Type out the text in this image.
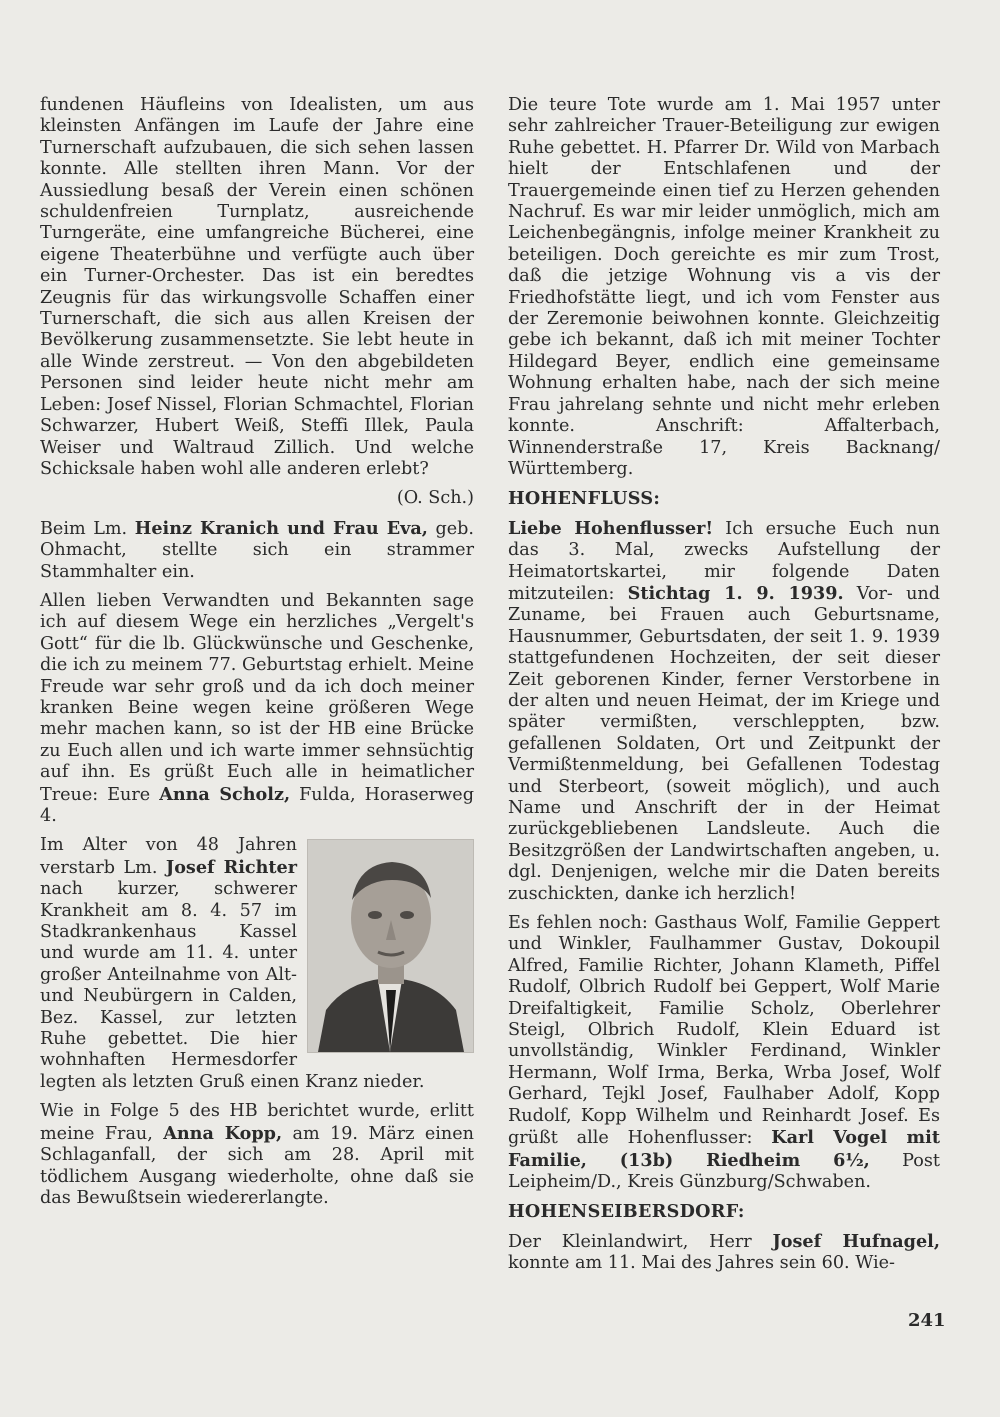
fundenen Häufleins von Idealisten, um aus kleinsten Anfängen im Laufe der Jahre eine Turnerschaft aufzubauen, die sich sehen lassen konnte. Alle stellten ihren Mann. Vor der Aussiedlung besaß der Verein einen schönen schuldenfreien Turnplatz, ausreichende Turngeräte, eine umfangreiche Bücherei, eine eigene Theaterbühne und verfügte auch über ein Turner-Orchester. Das ist ein beredtes Zeugnis für das wirkungsvolle Schaffen einer Turnerschaft, die sich aus allen Kreisen der Bevölkerung zusammensetzte. Sie lebt heute in alle Winde zerstreut. — Von den abgebildeten Personen sind leider heute nicht mehr am Leben: Josef Nissel, Florian Schmachtel, Florian Schwarzer, Hubert Weiß, Steffi Illek, Paula Weiser und Waltraud Zillich. Und welche Schicksale haben wohl alle anderen erlebt?

(O. Sch.)

Beim Lm. Heinz Kranich und Frau Eva, geb. Ohmacht, stellte sich ein strammer Stammhalter ein.

Allen lieben Verwandten und Bekannten sage ich auf diesem Wege ein herzliches „Vergelt's Gott“ für die lb. Glückwünsche und Geschenke, die ich zu meinem 77. Geburtstag erhielt. Meine Freude war sehr groß und da ich doch meiner kranken Beine wegen keine größeren Wege mehr machen kann, so ist der HB eine Brücke zu Euch allen und ich warte immer sehnsüchtig auf ihn. Es grüßt Euch alle in heimatlicher Treue: Eure Anna Scholz, Fulda, Horaserweg 4.

Im Alter von 48 Jahren verstarb Lm. Josef Richter nach kurzer, schwerer Krankheit am 8. 4. 57 im Stadkrankenhaus Kassel und wurde am 11. 4. unter großer Anteilnahme von Alt- und Neubürgern in Calden, Bez. Kassel, zur letzten Ruhe gebettet. Die hier wohnhaften Hermesdorfer legten als letzten Gruß einen Kranz nieder.

Wie in Folge 5 des HB berichtet wurde, erlitt meine Frau, Anna Kopp, am 19. März einen Schlaganfall, der sich am 28. April mit tödlichem Ausgang wiederholte, ohne daß sie das Bewußtsein wiedererlangte.

Die teure Tote wurde am 1. Mai 1957 unter sehr zahlreicher Trauer-Beteiligung zur ewigen Ruhe gebettet. H. Pfarrer Dr. Wild von Marbach hielt der Entschlafenen und der Trauergemeinde einen tief zu Herzen gehenden Nachruf. Es war mir leider unmöglich, mich am Leichenbegängnis, infolge meiner Krankheit zu beteiligen. Doch gereichte es mir zum Trost, daß die jetzige Wohnung vis a vis der Friedhofstätte liegt, und ich vom Fenster aus der Zeremonie beiwohnen konnte. Gleichzeitig gebe ich bekannt, daß ich mit meiner Tochter Hildegard Beyer, endlich eine gemeinsame Wohnung erhalten habe, nach der sich meine Frau jahrelang sehnte und nicht mehr erleben konnte. Anschrift: Affalterbach, Winnenderstraße 17, Kreis Backnang/ Württemberg.

HOHENFLUSS:

Liebe Hohenflusser! Ich ersuche Euch nun das 3. Mal, zwecks Aufstellung der Heimatortskartei, mir folgende Daten mitzuteilen: Stichtag 1. 9. 1939. Vor- und Zuname, bei Frauen auch Geburtsname, Hausnummer, Geburtsdaten, der seit 1. 9. 1939 stattgefundenen Hochzeiten, der seit dieser Zeit geborenen Kinder, ferner Verstorbene in der alten und neuen Heimat, der im Kriege und später vermißten, verschleppten, bzw. gefallenen Soldaten, Ort und Zeitpunkt der Vermißtenmeldung, bei Gefallenen Todestag und Sterbeort, (soweit möglich), und auch Name und Anschrift der in der Heimat zurückgebliebenen Landsleute. Auch die Besitzgrößen der Landwirtschaften angeben, u. dgl. Denjenigen, welche mir die Daten bereits zuschickten, danke ich herzlich!

Es fehlen noch: Gasthaus Wolf, Familie Geppert und Winkler, Faulhammer Gustav, Dokoupil Alfred, Familie Richter, Johann Klameth, Piffel Rudolf, Olbrich Rudolf bei Geppert, Wolf Marie Dreifaltigkeit, Familie Scholz, Oberlehrer Steigl, Olbrich Rudolf, Klein Eduard ist unvollständig, Winkler Ferdinand, Winkler Hermann, Wolf Irma, Berka, Wrba Josef, Wolf Gerhard, Tejkl Josef, Faulhaber Adolf, Kopp Rudolf, Kopp Wilhelm und Reinhardt Josef. Es grüßt alle Hohenflusser: Karl Vogel mit Familie, (13b) Riedheim 6½, Post Leipheim/D., Kreis Günzburg/Schwaben.

HOHENSEIBERSDORF:

Der Kleinlandwirt, Herr Josef Hufnagel, konnte am 11. Mai des Jahres sein 60. Wie-

241
